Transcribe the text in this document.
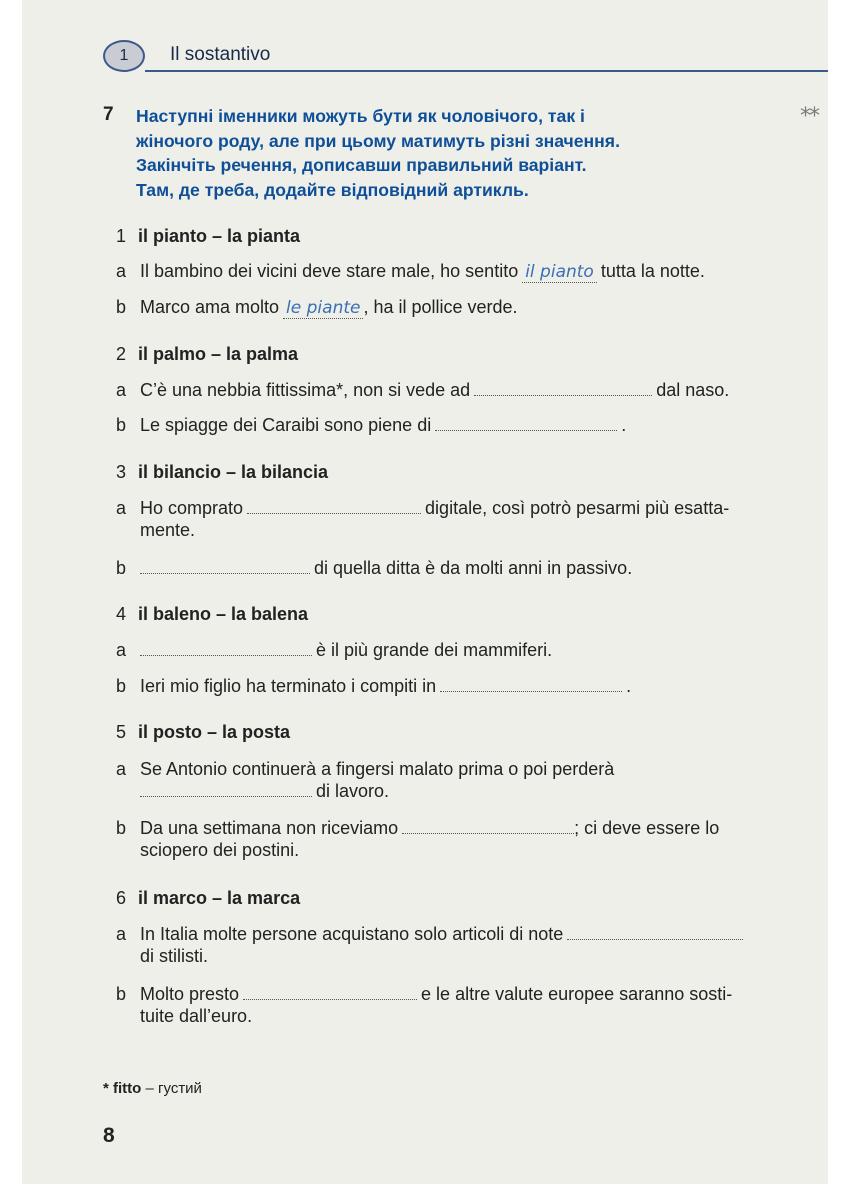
1	Il sostantivo
7 Наступні іменники можуть бути як чоловічого, так і
жіночого роду, але при цьому матимуть різні значення.
Закінчіть речення, дописавши правильний варіант.
Там, де треба, додайте відповідний артикль.
**
1 il pianto – la pianta
a Il bambino dei vicini deve stare male, ho sentito il pianto tutta la notte.
b Marco ama molto le piante , ha il pollice verde.
2 il palmo – la palma
a C’è una nebbia fittissima*, non si vede ad	dal naso.
b Le spiagge dei Caraibi sono piene di	.
3 il bilancio – la bilancia
a Ho comprato	digitale, così potrò pesarmi più esatta-
mente.
b	di quella ditta è da molti anni in passivo.
4 il baleno – la balena
a	è il più grande dei mammiferi.
b Ieri mio figlio ha terminato i compiti in	.
5 il posto – la posta
a Se Antonio continuerà a fingersi malato prima o poi perderà
di lavoro.
b Da una settimana non riceviamo	; ci deve essere lo
sciopero dei postini.
6 il marco – la marca
a In Italia molte persone acquistano solo articoli di note
di stilisti.
b Molto presto	e le altre valute europee saranno sosti-
tuite dall’euro.
* fitto – густий
8
